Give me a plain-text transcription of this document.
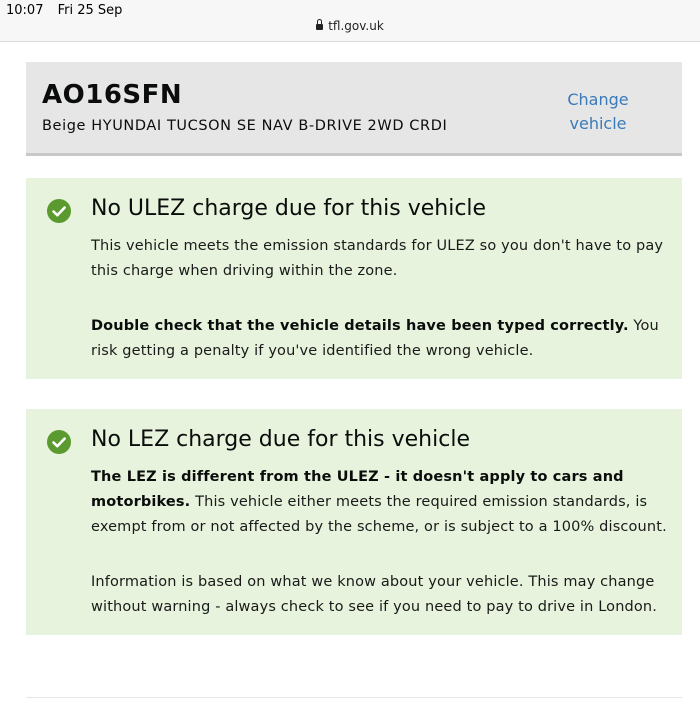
10:07 Fri 25 Sep
tfl.gov.uk
AO16SFN
Beige HYUNDAI TUCSON SE NAV B-DRIVE 2WD CRDI
Change
vehicle
No ULEZ charge due for this vehicle

This vehicle meets the emission standards for ULEZ so you don't have to pay this charge when driving within the zone.

Double check that the vehicle details have been typed correctly. You risk getting a penalty if you've identified the wrong vehicle.

No LEZ charge due for this vehicle

The LEZ is different from the ULEZ - it doesn't apply to cars and motorbikes. This vehicle either meets the required emission standards, is exempt from or not affected by the scheme, or is subject to a 100% discount.

Information is based on what we know about your vehicle. This may change without warning - always check to see if you need to pay to drive in London.
